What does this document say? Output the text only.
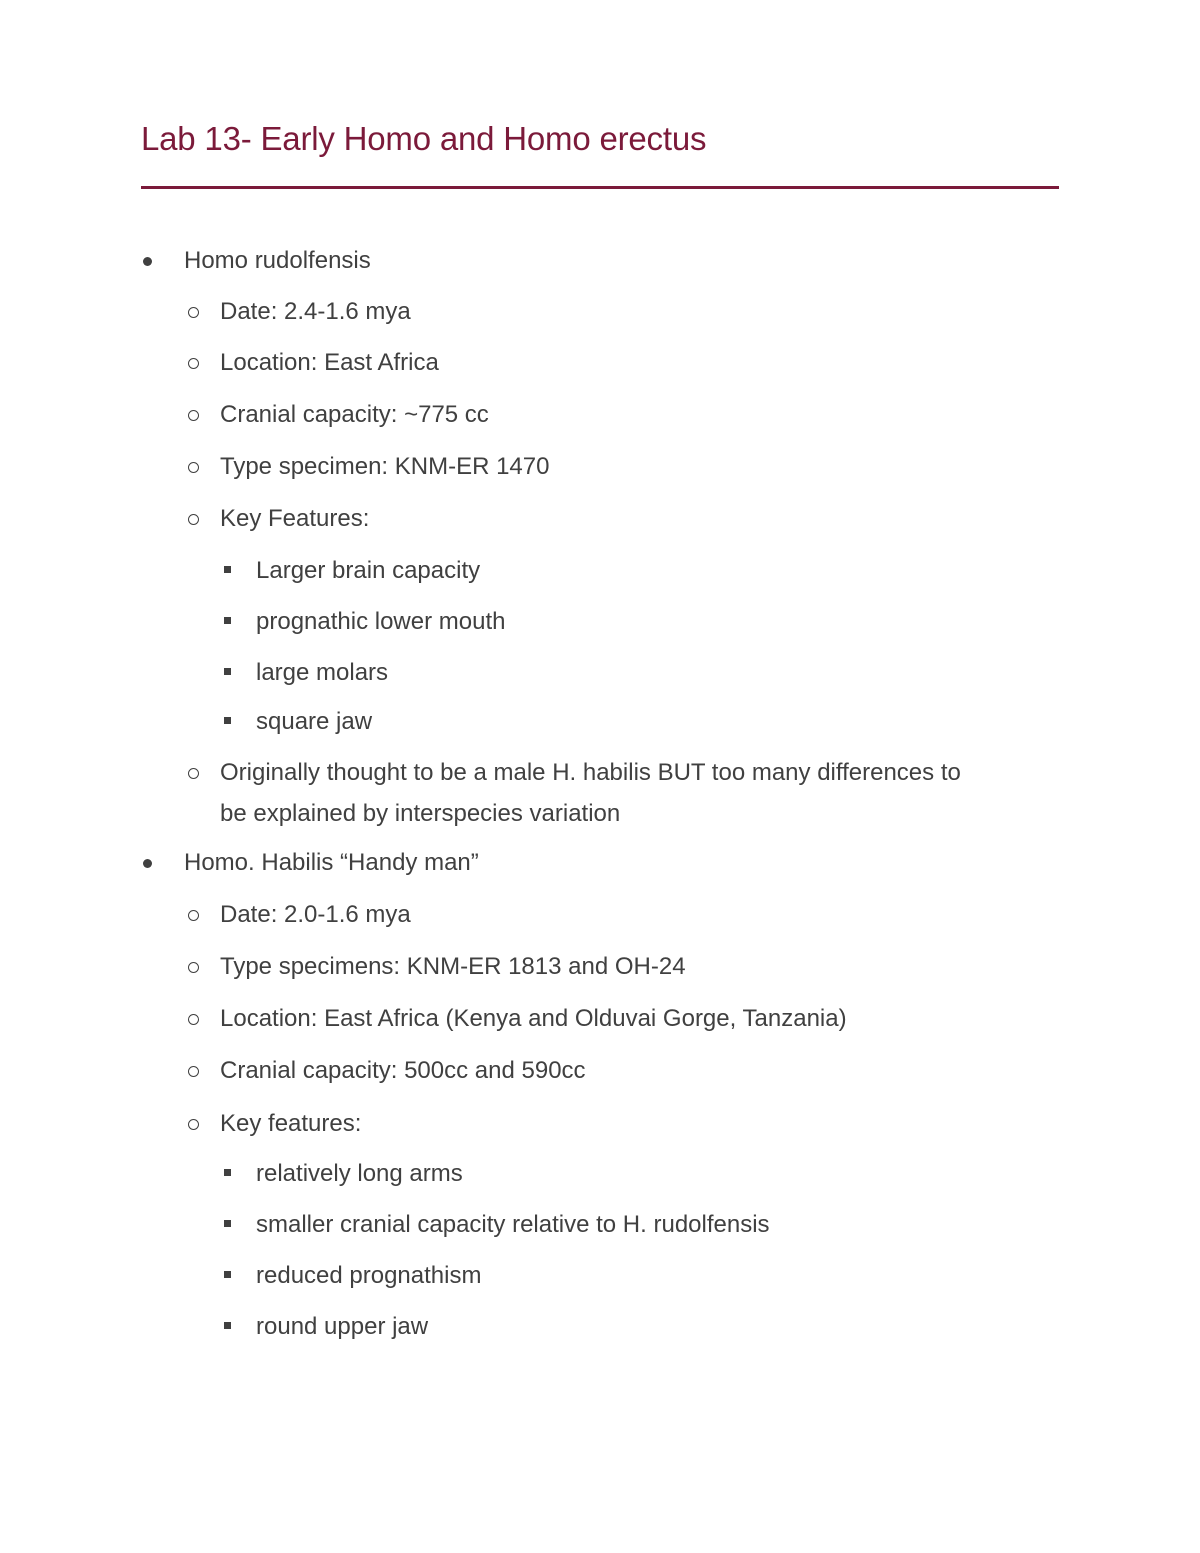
Lab 13- Early Homo and Homo erectus
Homo rudolfensis
Date: 2.4-1.6 mya
Location: East Africa
Cranial capacity: ~775 cc
Type specimen: KNM-ER 1470
Key Features:
Larger brain capacity
prognathic lower mouth
large molars
square jaw
Originally thought to be a male H. habilis BUT too many differences to
be explained by interspecies variation
Homo. Habilis “Handy man”
Date: 2.0-1.6 mya
Type specimens: KNM-ER 1813 and OH-24
Location: East Africa (Kenya and Olduvai Gorge, Tanzania)
Cranial capacity: 500cc and 590cc
Key features:
relatively long arms
smaller cranial capacity relative to H. rudolfensis
reduced prognathism
round upper jaw
